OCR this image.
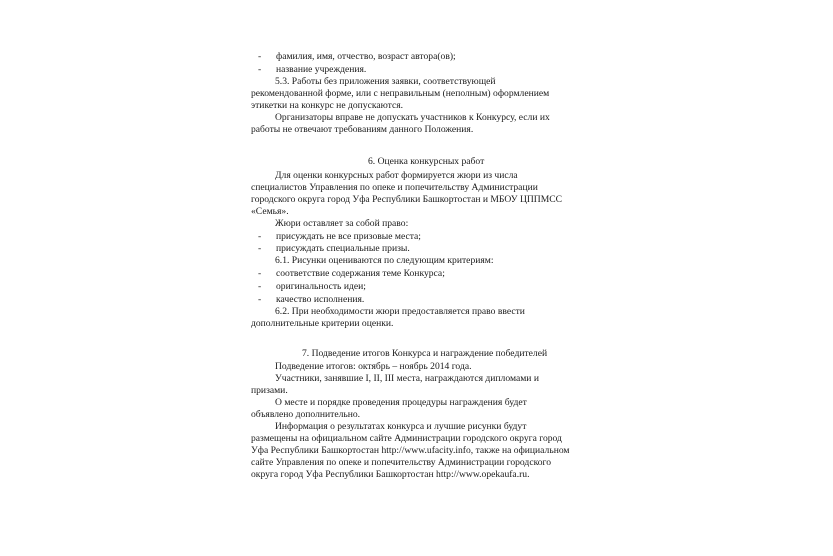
- фамилия, имя, отчество, возраст автора(ов);

- название учреждения.

5.3. Работы без приложения заявки, соответствующей

рекомендованной форме, или с неправильным (неполным) оформлением

этикетки на конкурс не допускаются.

Организаторы вправе не допускать участников к Конкурсу, если их

работы не отвечают требованиям данного Положения.

6. Оценка конкурсных работ

Для оценки конкурсных работ формируется жюри из числа

специалистов Управления по опеке и попечительству Администрации

городского округа город Уфа Республики Башкортостан и МБОУ ЦППМСС

«Семья».

Жюри оставляет за собой право:

- присуждать не все призовые места;

- присуждать специальные призы.

6.1. Рисунки оцениваются по следующим критериям:

- соответствие содержания теме Конкурса;

- оригинальность идеи;

- качество исполнения.

6.2. При необходимости жюри предоставляется право ввести

дополнительные критерии оценки.

7. Подведение итогов Конкурса и награждение победителей

Подведение итогов: октябрь – ноябрь 2014 года.

Участники, занявшие I, II, III места, награждаются дипломами и

призами.

О месте и порядке проведения процедуры награждения будет

объявлено дополнительно.

Информация о результатах конкурса и лучшие рисунки будут

размещены на официальном сайте Администрации городского округа город

Уфа Республики Башкортостан http://www.ufacity.info, также на официальном

сайте Управления по опеке и попечительству Администрации городского

округа город Уфа Республики Башкортостан http://www.opekaufa.ru.
